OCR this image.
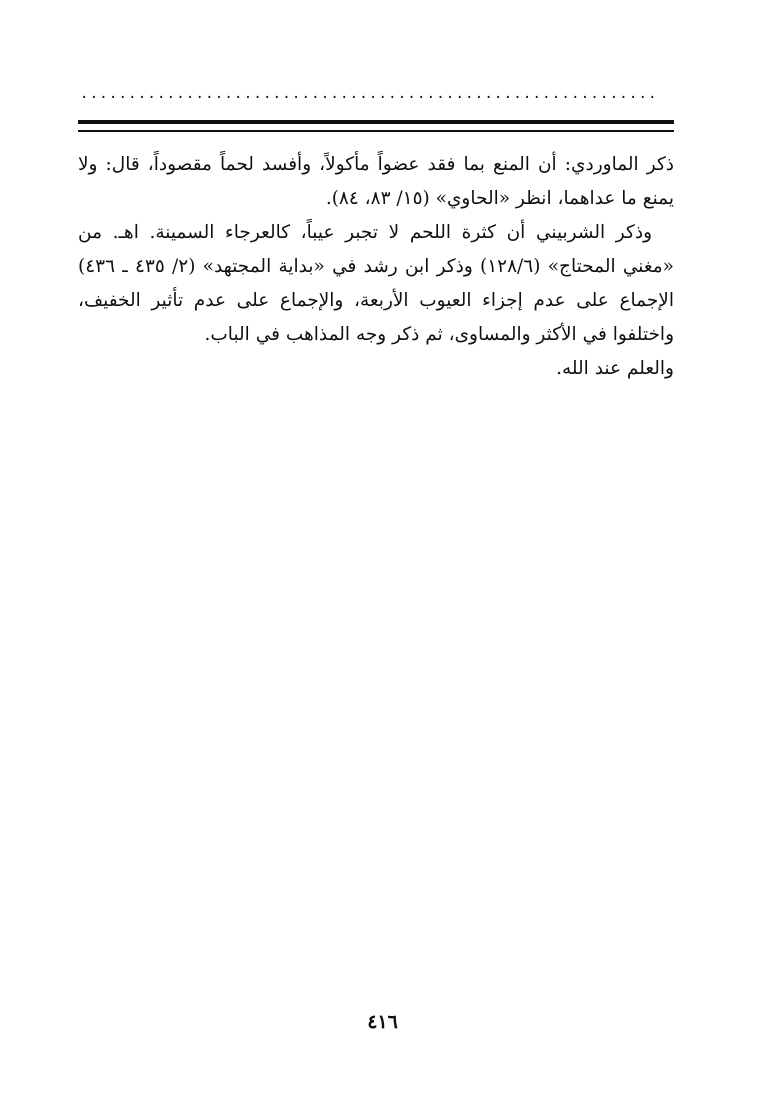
............................................................

ذكر الماوردي: أن المنع بما فقد عضواً مأكولاً، وأفسد لحماً مقصوداً، قال: ولا يمنع ما عداهما، انظر «الحاوي» (١٥/ ٨٣، ٨٤).

وذكر الشربيني أن كثرة اللحم لا تجبر عيباً، كالعرجاء السمينة. اهـ. من «مغني المحتاج» (١٢٨/٦) وذكر ابن رشد في «بداية المجتهد» (٢/ ٤٣٥ ـ ٤٣٦) الإجماع على عدم إجزاء العيوب الأربعة، والإجماع على عدم تأثير الخفيف، واختلفوا في الأكثر والمساوى، ثم ذكر وجه المذاهب في الباب.

والعلم عند الله.

٤١٦
